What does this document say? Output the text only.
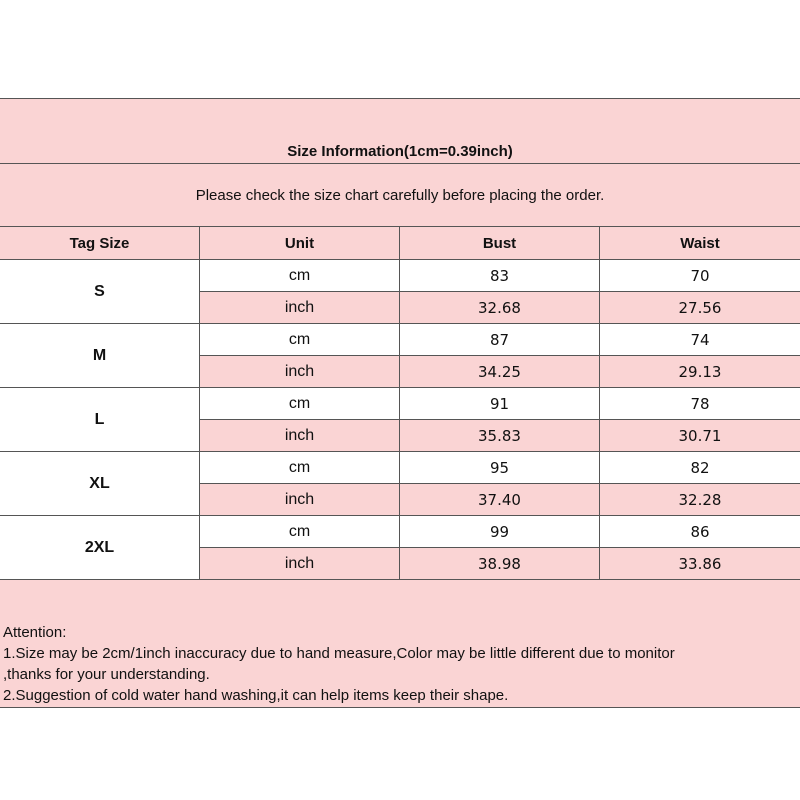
Size Information(1cm=0.39inch)
Please check the size chart carefully before placing the order.
Tag Size	Unit	Bust	Waist
S
cm	83	70
inch	32.68	27.56
M
cm	87	74
inch	34.25	29.13
L
cm	91	78
inch	35.83	30.71
XL
cm	95	82
inch	37.40	32.28
2XL
cm	99	86
inch	38.98	33.86
Attention:
1.Size may be 2cm/1inch inaccuracy due to hand measure,Color may be little different due to monitor
,thanks for your understanding.
2.Suggestion of cold water hand washing,it can help items keep their shape.
